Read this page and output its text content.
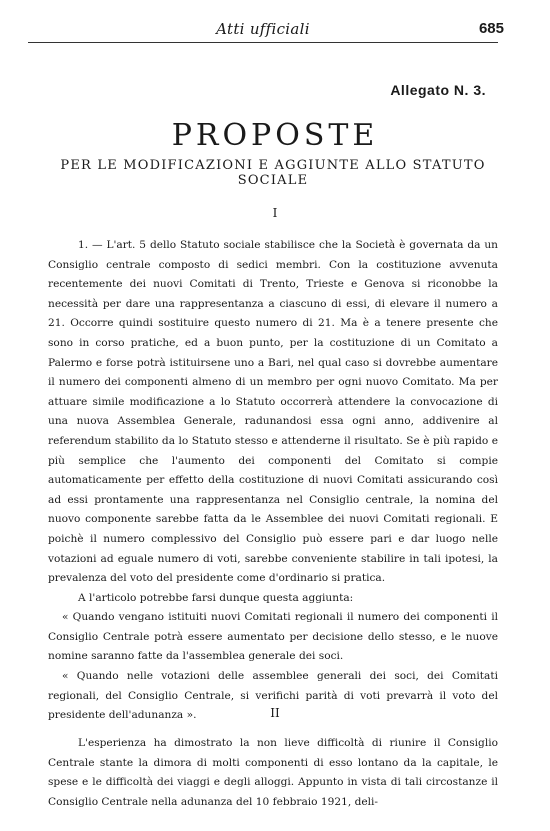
Atti ufficiali	685
Allegato N. 3.
PROPOSTE
PER LE MODIFICAZIONI E AGGIUNTE ALLO STATUTO SOCIALE
I

1. — L'art. 5 dello Statuto sociale stabilisce che la Società è governata da un Consiglio centrale composto di sedici membri. Con la costituzione avvenuta recentemente dei nuovi Comitati di Trento, Trieste e Genova si riconobbe la necessità per dare una rappresentanza a ciascuno di essi, di elevare il numero a 21. Occorre quindi sostituire questo numero di 21. Ma è a tenere presente che sono in corso pratiche, ed a buon punto, per la costituzione di un Comitato a Palermo e forse potrà istituirsene uno a Bari, nel qual caso si dovrebbe aumentare il numero dei componenti almeno di un membro per ogni nuovo Comitato. Ma per attuare simile modificazione a lo Statuto occorrerà attendere la convocazione di una nuova Assemblea Generale, radunandosi essa ogni anno, addivenire al referendum stabilito da lo Statuto stesso e attenderne il risultato. Se è più rapido e più semplice che l'aumento dei componenti del Comitato si compie automaticamente per effetto della costituzione di nuovi Comitati assicurando così ad essi prontamente una rappresentanza nel Consiglio centrale, la nomina del nuovo componente sarebbe fatta da le Assemblee dei nuovi Comitati regionali. E poichè il numero complessivo del Consiglio può essere pari e dar luogo nelle votazioni ad eguale numero di voti, sarebbe conveniente stabilire in tali ipotesi, la prevalenza del voto del presidente come d'ordinario si pratica.

A l'articolo potrebbe farsi dunque questa aggiunta:

« Quando vengano istituiti nuovi Comitati regionali il numero dei componenti il Consiglio Centrale potrà essere aumentato per decisione dello stesso, e le nuove nomine saranno fatte da l'assemblea generale dei soci.

« Quando nelle votazioni delle assemblee generali dei soci, dei Comitati regionali, del Consiglio Centrale, si verifichi parità di voti prevarrà il voto del presidente dell'adunanza ».	II

L'esperienza ha dimostrato la non lieve difficoltà di riunire il Consiglio Centrale stante la dimora di molti componenti di esso lontano da la capitale, le spese e le difficoltà dei viaggi e degli alloggi. Appunto in vista di tali circostanze il Consiglio Centrale nella adunanza del 10 febbraio 1921, deli-
